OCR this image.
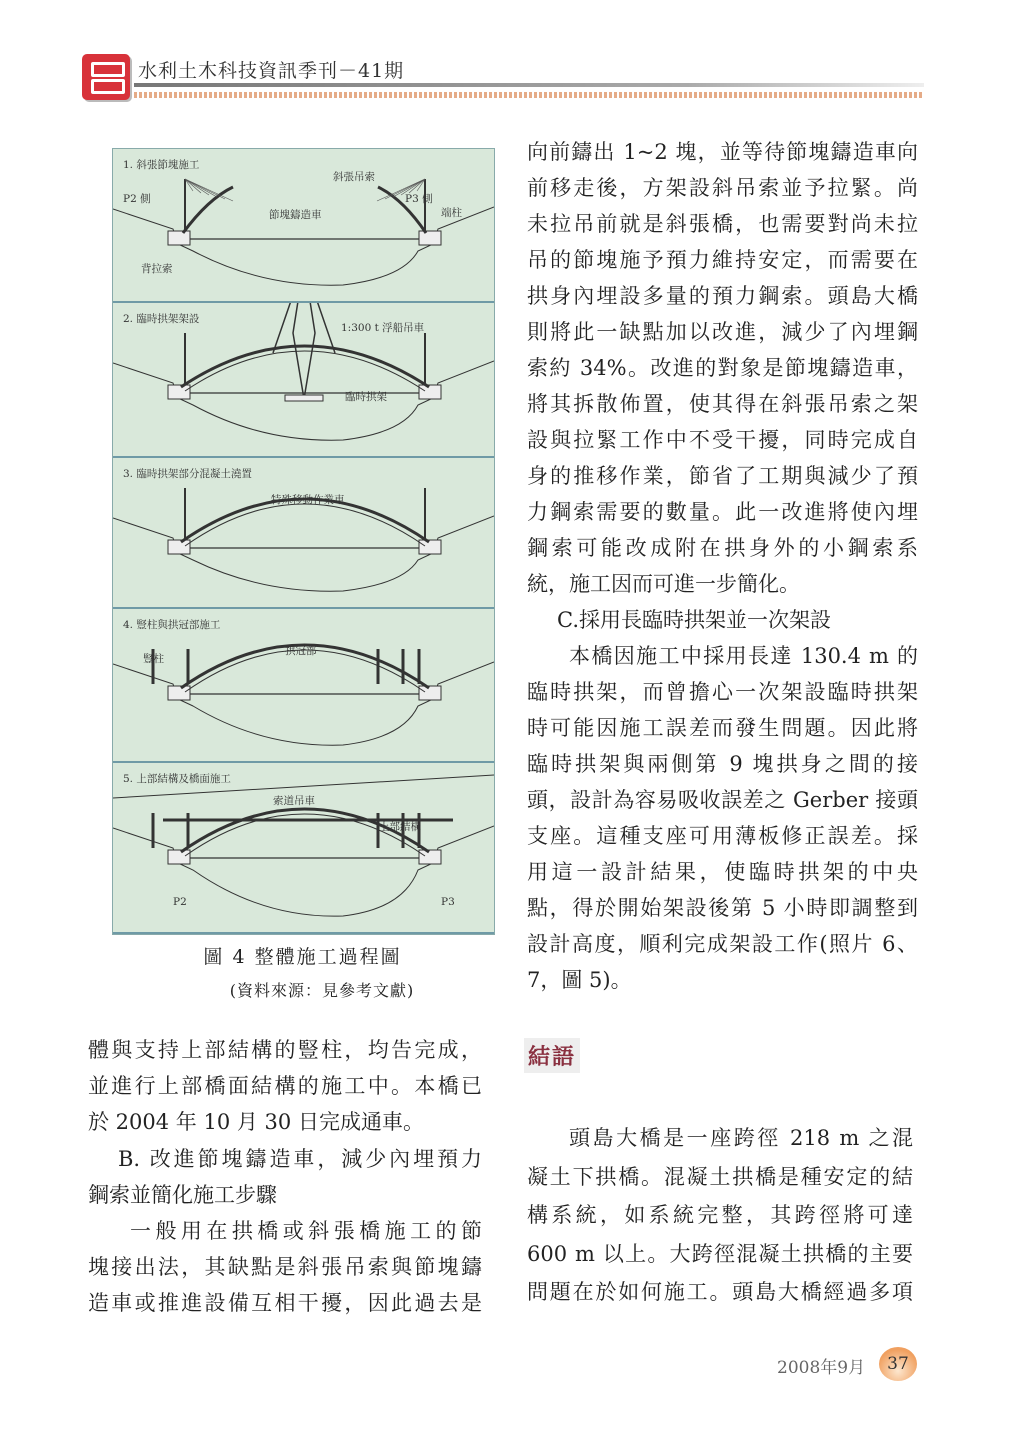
水利土木科技資訊季刊－41期
1. 斜張節塊施工
斜張吊索
P2 側	P3 側
節塊鑄造車	端柱
背拉索
2. 臨時拱架架設
1:300 t 浮船吊車
臨時拱架
3. 臨時拱架部分混凝土澆置
特殊移動作業車
4. 豎柱與拱冠部施工
豎柱
拱冠部
5. 上部結構及橋面施工
索道吊車
上部結構
P2	P3
圖 4 整體施工過程圖
(資料來源：見參考文獻)
體與支持上部結構的豎柱，均告完成，
並進行上部橋面結構的施工中。本橋已
於 2004 年 10 月 30 日完成通車。
B. 改進節塊鑄造車，減少內埋預力
鋼索並簡化施工步驟
一般用在拱橋或斜張橋施工的節
塊接出法，其缺點是斜張吊索與節塊鑄
造車或推進設備互相干擾，因此過去是
向前鑄出 1~2 塊，並等待節塊鑄造車向
前移走後，方架設斜吊索並予拉緊。尚
未拉吊前就是斜張橋，也需要對尚未拉
吊的節塊施予預力維持安定，而需要在
拱身內埋設多量的預力鋼索。頭島大橋
則將此一缺點加以改進，減少了內埋鋼
索約 34%。改進的對象是節塊鑄造車，
將其拆散佈置，使其得在斜張吊索之架
設與拉緊工作中不受干擾，同時完成自
身的推移作業，節省了工期與減少了預
力鋼索需要的數量。此一改進將使內埋
鋼索可能改成附在拱身外的小鋼索系
統，施工因而可進一步簡化。
C.採用長臨時拱架並一次架設
本橋因施工中採用長達 130.4 m 的
臨時拱架，而曾擔心一次架設臨時拱架
時可能因施工誤差而發生問題。因此將
臨時拱架與兩側第 9 塊拱身之間的接
頭，設計為容易吸收誤差之 Gerber 接頭
支座。這種支座可用薄板修正誤差。採
用這一設計結果，使臨時拱架的中央
點，得於開始架設後第 5 小時即調整到
設計高度，順利完成架設工作(照片 6、
7，圖 5)。
結語
頭島大橋是一座跨徑 218 m 之混
凝土下拱橋。混凝土拱橋是種安定的結
構系統，如系統完整，其跨徑將可達
600 m 以上。大跨徑混凝土拱橋的主要
問題在於如何施工。頭島大橋經過多項
2008年9月	37
